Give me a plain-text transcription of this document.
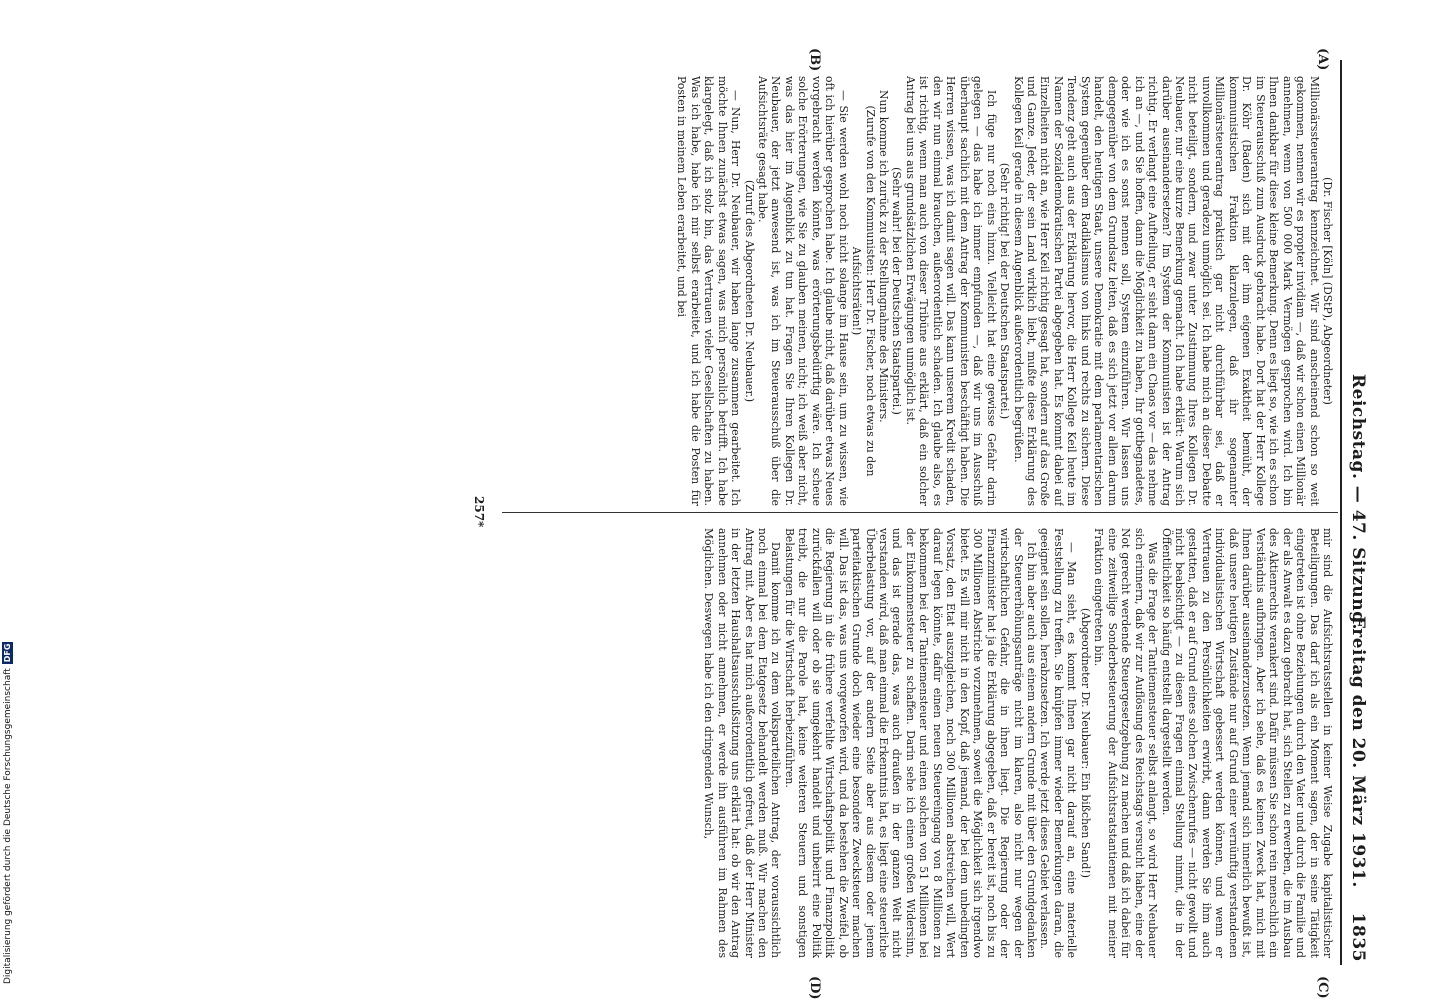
Reichstag. — 47. Sitzung.
Freitag den 20. März 1931.
1835
(A)
(B)
(C)
(D)

(Dr. Fischer [Köln] (DStP), Abgeordneter)

Millionärssteuerantrag kennzeichnet. Wir sind anscheinend schon so weit gekommen, nennen wir es propter invidiam —, daß wir schon einen Millionär annehmen, wenn von 500 000 Mark Vermögen gesprochen wird. Ich bin Ihnen dankbar für diese kleine Bemerkung. Denn es liegt so, wie ich es schon im Steuerausschuß zum Ausdruck gebracht habe. Dort hat der Herr Kollege Dr. Köhr (Baden) sich mit der ihm eigenen Exaktheit bemüht, der kommunistischen Fraktion klarzulegen, daß ihr sogenannter Millionärsteuerantrag praktisch gar nicht durchführbar sei, daß er unvollkommen und geradezu unmöglich sei. Ich habe mich an dieser Debatte nicht beteiligt, sondern, und zwar unter Zustimmung Ihres Kollegen Dr. Neubauer, nur eine kurze Bemerkung gemacht. Ich habe erklärt: Warum sich darüber auseinandersetzen? Im System der Kommunisten ist der Antrag richtig. Er verlangt eine Aufteilung, er sieht dann ein Chaos vor — das nehme ich an —, und Sie hoffen, dann die Möglichkeit zu haben, Ihr gottbegnadetes, oder wie ich es sonst nennen soll, System einzuführen. Wir lassen uns demgegenüber von dem Grundsatz leiten, daß es sich jetzt vor allem darum handelt, den heutigen Staat, unsere Demokratie mit dem parlamentarischen System gegenüber dem Radikalismus von links und rechts zu sichern. Diese Tendenz geht auch aus der Erklärung hervor, die Herr Kollege Keil heute im Namen der Sozialdemokratischen Partei abgegeben hat. Es kommt dabei auf Einzelheiten nicht an, wie Herr Keil richtig gesagt hat, sondern auf das Große und Ganze. Jeder, der sein Land wirklich liebt, mußte diese Erklärung des Kollegen Keil gerade in diesem Augenblick außerordentlich begrüßen.

(Sehr richtig! bei der Deutschen Staatspartei.)

Ich füge nur noch eins hinzu. Vielleicht hat eine gewisse Gefahr darin gelegen — das habe ich immer empfunden —, daß wir uns im Ausschuß überhaupt sachlich mit dem Antrag der Kommunisten beschäftigt haben. Die Herren wissen, was ich damit sagen will. Das kann unserem Kredit schaden, den wir nun einmal brauchen, außerordentlich schaden. Ich glaube also, es ist richtig, wenn man auch von dieser Tribüne aus erklärt, daß ein solcher Antrag bei uns aus grundsätzlichen Erwägungen unmöglich ist.

(Sehr wahr! bei der Deutschen Staatspartei.)

Nun komme ich zurück zu der Stellungnahme des Ministers.

(Zurufe von den Kommunisten: Herr Dr. Fischer, noch etwas zu den Aufsichtsräten!)

— Sie werden wohl noch nicht solange im Hause sein, um zu wissen, wie oft ich hierüber gesprochen habe. Ich glaube nicht, daß darüber etwas Neues vorgebracht werden könnte, was erörterungsbedürftig wäre. Ich scheue solche Erörterungen, wie Sie zu glauben meinen, nicht; ich weiß aber nicht, was das hier im Augenblick zu tun hat. Fragen Sie Ihren Kollegen Dr. Neubauer, der jetzt anwesend ist, was ich im Steuerausschuß über die Aufsichtsräte gesagt habe.

(Zuruf des Abgeordneten Dr. Neubauer.)

— Nun, Herr Dr. Neubauer, wir haben lange zusammen gearbeitet. Ich möchte Ihnen zunächst etwas sagen, was mich persönlich betrifft. Ich habe klargelegt, daß ich stolz bin, das Vertrauen vieler Gesellschaften zu haben. Was ich habe, habe ich mir selbst erarbeitet, und ich habe die Posten für Posten in meinem Leben erarbeitet, und bei

mir sind die Aufsichtsratsstellen in keiner Weise Zugabe kapitalistischer Beteiligungen. Das darf ich als ein Moment sagen, der in seine Tätigkeit eingetreten ist ohne Beziehungen durch den Vater und durch die Familie und der als Anwalt es dazu gebracht hat, sich Stellen zu erwerben, die im Ausbau des Aktienrechts verankert sind. Dafür müssen Sie schon rein menschlich ein Verständnis aufbringen. Aber ich sehe, daß es keinen Zweck hat, mich mit Ihnen darüber auseinanderzusetzen. Wenn jemand sich innerlich bewußt ist, daß unsere heutigen Zustände nur auf Grund einer vernünftig verstandenen individualistischen Wirtschaft gebessert werden können, und wenn er Vertrauen zu den Persönlichkeiten erwirbt, dann werden Sie ihm auch gestatten, daß er auf Grund eines solchen Zwischenrufes — nicht gewollt und nicht beabsichtigt — zu diesen Fragen einmal Stellung nimmt, die in der Öffentlichkeit so häufig entstellt dargestellt werden.

Was die Frage der Tantiemensteuer selbst anlangt, so wird Herr Neubauer sich erinnern, daß wir zur Auflösung des Reichstags versucht haben, eine der Not gerecht werdende Steuergesetzgebung zu machen und daß ich dabei für eine zeitweilige Sonderbesteuerung der Aufsichtsratstantiemen mit meiner Fraktion eingetreten bin.

(Abgeordneter Dr. Neubauer: Ein bißchen Sand!)

— Man sieht, es kommt Ihnen gar nicht darauf an, eine materielle Feststellung zu treffen. Sie knüpfen immer wieder Bemerkungen daran, die geeignet sein sollen, herabzusetzen. Ich werde jetzt dieses Gebiet verlassen.

Ich bin aber auch aus einem andern Grunde mit über den Grundgedanken der Steuererhöhungsanträge nicht im klaren, also nicht nur wegen der wirtschaftlichen Gefahr, die in ihnen liegt. Die Regierung oder der Finanzminister hat ja die Erklärung abgegeben, daß er bereit ist, noch bis zu 300 Millionen Abstriche vorzunehmen, soweit die Möglichkeit sich irgendwo bietet. Es will mir nicht in den Kopf, daß jemand, der bei dem unbedingten Vorsatz, den Etat auszugleichen, noch 300 Millionen abstreichen will, Wert darauf legen könnte, dafür einen neuen Steuereingang von 8 Millionen zu bekommen bei der Tantiemensteuer und einen solchen von 51 Millionen bei der Einkommensteuer zu schaffen. Darin sehe ich einen großen Widersinn, und das ist gerade das, was auch draußen in der ganzen Welt nicht verstanden wird, daß man einmal die Erkenntnis hat, es liegt eine steuerliche Überbelastung vor, auf der andern Seite aber aus diesem oder jenem parteitaktischen Grunde doch wieder eine besondere Zwecksteuer machen will. Das ist das, was uns vorgeworfen wird, und da bestehen die Zweifel, ob die Regierung in die frühere verfehlte Wirtschaftspolitik und Finanzpolitik zurückfallen will oder ob sie umgekehrt handelt und unbeirrt eine Politik treibt, die nur die Parole hat, keine weiteren Steuern und sonstigen Belastungen für die Wirtschaft herbeizuführen.

Damit komme ich zu dem volksparteilichen Antrag, der voraussichtlich noch einmal bei dem Etatgesetz behandelt werden muß. Wir machen den Antrag mit. Aber es hat mich außerordentlich gefreut, daß der Herr Minister in der letzten Haushaltsausschußsitzung uns erklärt hat: ob wir den Antrag annehmen oder nicht annehmen, er werde ihn ausführen im Rahmen des Möglichen. Deswegen habe ich den dringenden Wunsch,

257*
Digitalisierung gefördert durch die Deutsche ForschungsgemeinschaftDFG
